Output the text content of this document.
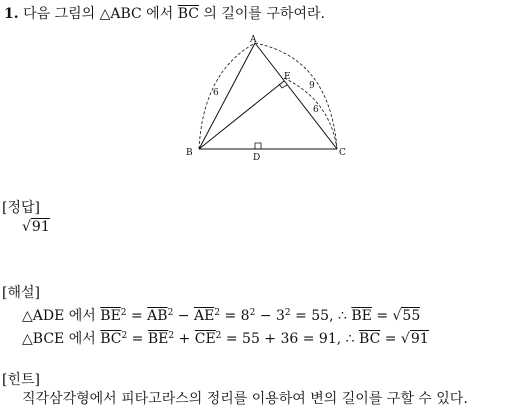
1. 다음 그림의 △ABC 에서 $\overline{BC}$ 의 길이를 구하여라.
A
B	C
D
E
6
9
6
[정답]
√91
[해설]
△ADE 에서 $\overline{BE}^2 = \overline{AB}^2 - \overline{AE}^2 = 8^2 - 3^2 = 55$, ∴ $\overline{BE} = √55$
△BCE 에서 $\overline{BC}^2 = \overline{BE}^2 + \overline{CE}^2 = 55 + 36 = 91$, ∴ $\overline{BC} = √91$
[힌트]
직각삼각형에서 피타고라스의 정리를 이용하여 변의 길이를 구할 수 있다.
